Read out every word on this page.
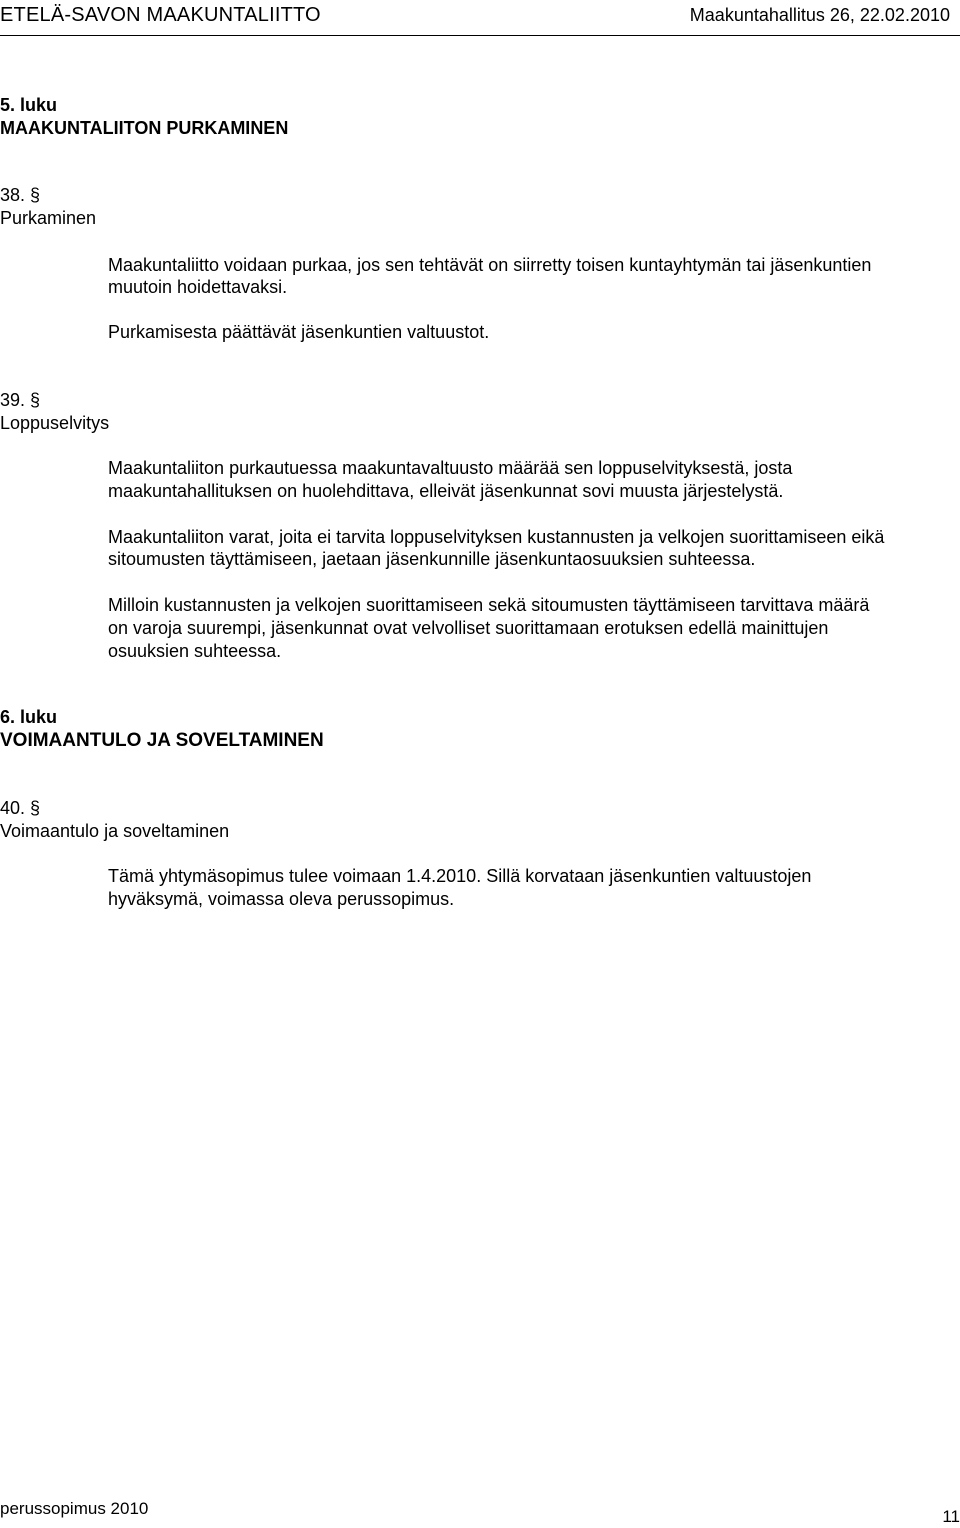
ETELÄ-SAVON MAAKUNTALIITTO	Maakuntahallitus 26, 22.02.2010
5. luku
MAAKUNTALIITON PURKAMINEN
38. §
Purkaminen
Maakuntaliitto voidaan purkaa, jos sen tehtävät on siirretty toisen kuntayhtymän tai jäsenkuntien
muutoin hoidettavaksi.
Purkamisesta päättävät jäsenkuntien valtuustot.
39. §
Loppuselvitys
Maakuntaliiton purkautuessa maakuntavaltuusto määrää sen loppuselvityksestä, josta
maakuntahallituksen on huolehdittava, elleivät jäsenkunnat sovi muusta järjestelystä.
Maakuntaliiton varat, joita ei tarvita loppuselvityksen kustannusten ja velkojen suorittamiseen eikä
sitoumusten täyttämiseen, jaetaan jäsenkunnille jäsenkuntaosuuksien suhteessa.
Milloin kustannusten ja velkojen suorittamiseen sekä sitoumusten täyttämiseen tarvittava määrä
on varoja suurempi, jäsenkunnat ovat velvolliset suorittamaan erotuksen edellä mainittujen
osuuksien suhteessa.
6. luku
VOIMAANTULO JA SOVELTAMINEN
40. §
Voimaantulo ja soveltaminen
Tämä yhtymäsopimus tulee voimaan 1.4.2010. Sillä korvataan jäsenkuntien valtuustojen
hyväksymä, voimassa oleva perussopimus.
perussopimus 2010	11
